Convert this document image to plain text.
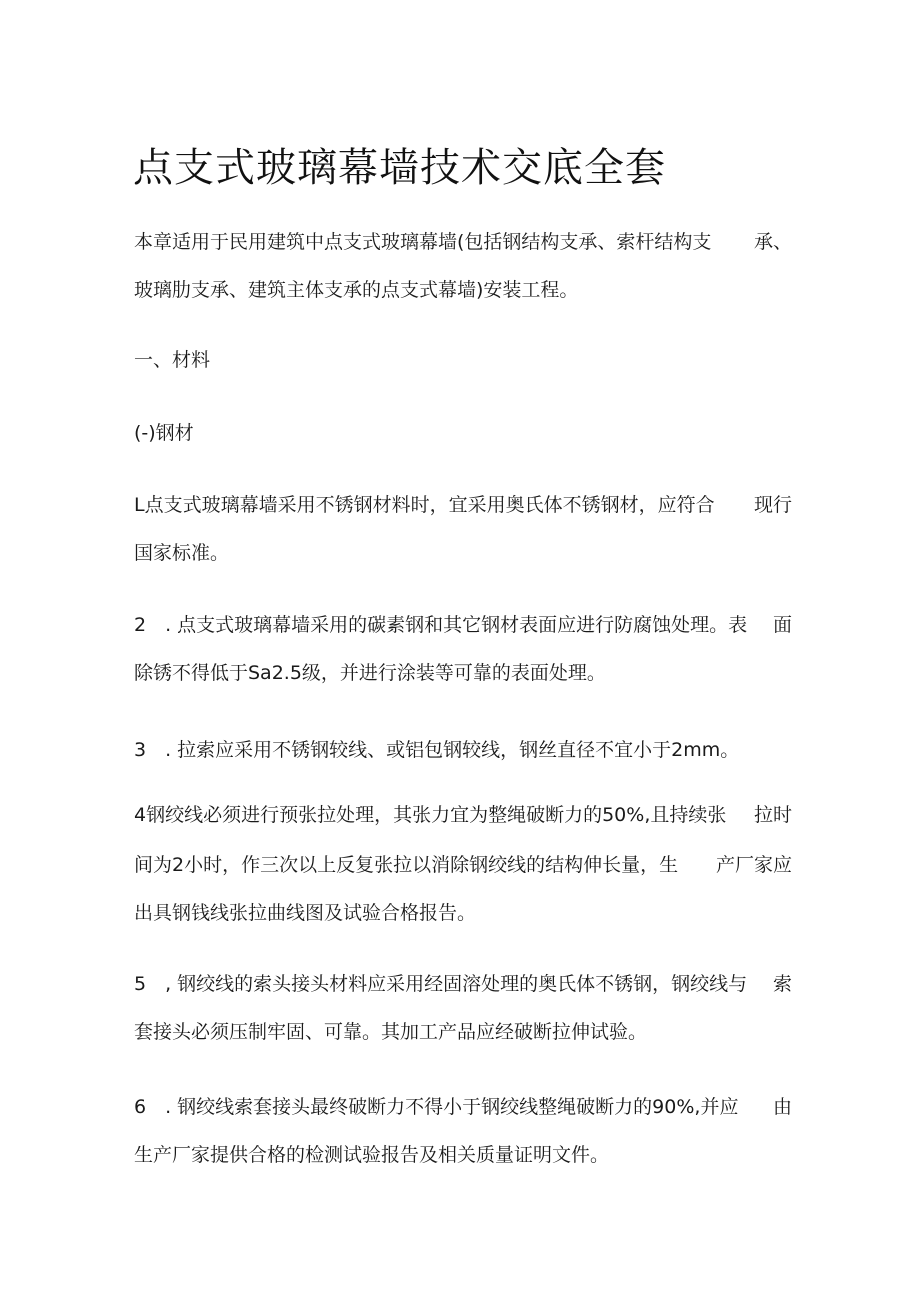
点支式玻璃幕墙技术交底全套
本章适用于民用建筑中点支式玻璃幕墙(包括钢结构支承、索杆结构支 承、
玻璃肋支承、建筑主体支承的点支式幕墙)安装工程。
一、材料
(-)钢材
L点支式玻璃幕墙采用不锈钢材料时，宜采用奥氏体不锈钢材，应符合 现行
国家标准。
2　. 点支式玻璃幕墙采用的碳素钢和其它钢材表面应进行防腐蚀处理。表 面
除锈不得低于Sa2.5级，并进行涂装等可靠的表面处理。
3　. 拉索应采用不锈钢较线、或铝包钢较线，钢丝直径不宜小于2mm。
4钢绞线必须进行预张拉处理，其张力宜为整绳破断力的50%,且持续张 拉时
间为2小时，作三次以上反复张拉以消除钢绞线的结构伸长量，生 产厂家应
出具钢钱线张拉曲线图及试验合格报告。
5　, 钢绞线的索头接头材料应采用经固溶处理的奥氏体不锈钢，钢绞线与 索
套接头必须压制牢固、可靠。其加工产品应经破断拉伸试验。
6　. 钢绞线索套接头最终破断力不得小于钢绞线整绳破断力的90%,并应 由
生产厂家提供合格的检测试验报告及相关质量证明文件。
